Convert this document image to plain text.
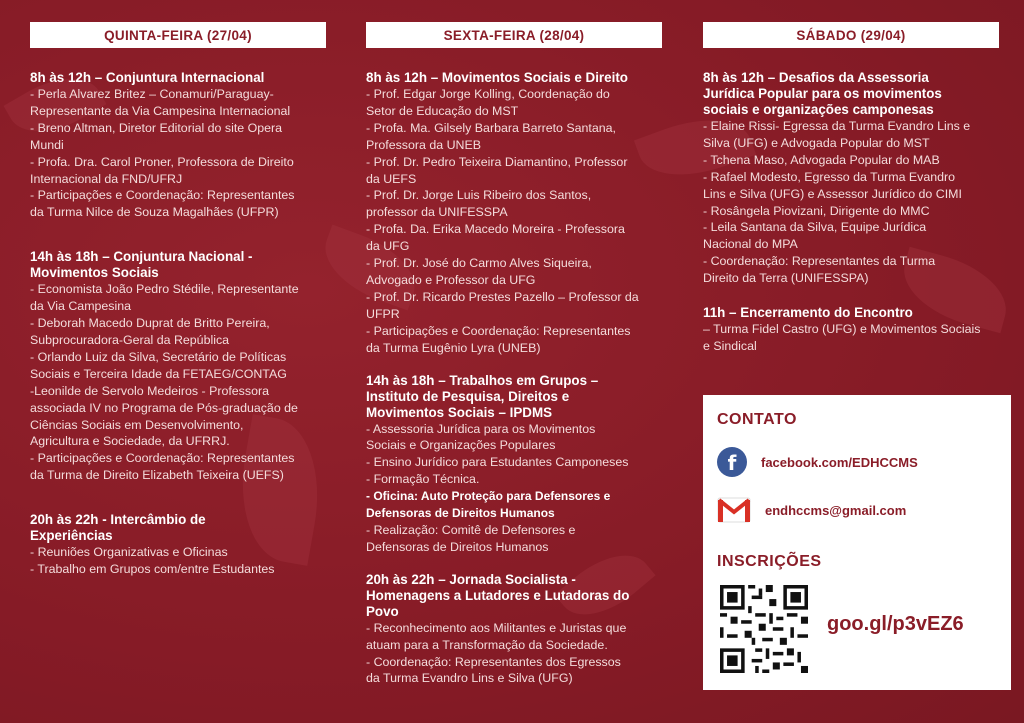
QUINTA-FEIRA (27/04)
8h às 12h – Conjuntura Internacional
- Perla Alvarez Britez – Conamuri/Paraguay-
Representante da Via Campesina Internacional
- Breno Altman, Diretor Editorial do site Opera
Mundi
- Profa. Dra. Carol Proner, Professora de Direito
Internacional da FND/UFRJ
- Participações e Coordenação: Representantes
da Turma Nilce de Souza Magalhães (UFPR)
14h às 18h – Conjuntura Nacional -
Movimentos Sociais
- Economista João Pedro Stédile, Representante
da Via Campesina
- Deborah Macedo Duprat de Britto Pereira,
Subprocuradora-Geral da República
- Orlando Luiz da Silva, Secretário de Políticas
Sociais e Terceira Idade da FETAEG/CONTAG
-Leonilde de Servolo Medeiros - Professora
associada IV no Programa de Pós-graduação de
Ciências Sociais em Desenvolvimento,
Agricultura e Sociedade, da UFRRJ.
- Participações e Coordenação: Representantes
da Turma de Direito Elizabeth Teixeira (UEFS)
20h às 22h - Intercâmbio de
Experiências
- Reuniões Organizativas e Oficinas
- Trabalho em Grupos com/entre Estudantes
SEXTA-FEIRA (28/04)
8h às 12h – Movimentos Sociais e Direito
- Prof. Edgar Jorge Kolling, Coordenação do
Setor de Educação do MST
- Profa. Ma. Gilsely Barbara Barreto Santana,
Professora da UNEB
- Prof. Dr. Pedro Teixeira Diamantino, Professor
da UEFS
- Prof. Dr. Jorge Luis Ribeiro dos Santos,
professor da UNIFESSPA
- Profa. Da. Erika Macedo Moreira - Professora
da UFG
- Prof. Dr. José do Carmo Alves Siqueira,
Advogado e Professor da UFG
- Prof. Dr. Ricardo Prestes Pazello – Professor da
UFPR
- Participações e Coordenação: Representantes
da Turma Eugênio Lyra (UNEB)
14h às 18h – Trabalhos em Grupos –
Instituto de Pesquisa, Direitos e
Movimentos Sociais – IPDMS
- Assessoria Jurídica para os Movimentos
Sociais e Organizações Populares
- Ensino Jurídico para Estudantes Camponeses
- Formação Técnica.
- Oficina: Auto Proteção para Defensores e
Defensoras de Direitos Humanos
- Realização: Comitê de Defensores e
Defensoras de Direitos Humanos
20h às 22h – Jornada Socialista -
Homenagens a Lutadores e Lutadoras do
Povo
- Reconhecimento aos Militantes e Juristas que
atuam para a Transformação da Sociedade.
- Coordenação: Representantes dos Egressos
da Turma Evandro Lins e Silva (UFG)
SÁBADO (29/04)
8h às 12h – Desafios da Assessoria
Jurídica Popular para os movimentos
sociais e organizações camponesas
- Elaine Rissi- Egressa da Turma Evandro Lins e
Silva (UFG) e Advogada Popular do MST
- Tchena Maso, Advogada Popular do MAB
- Rafael Modesto, Egresso da Turma Evandro
Lins e Silva (UFG) e Assessor Jurídico do CIMI
- Rosângela Piovizani, Dirigente do MMC
- Leila Santana da Silva, Equipe Jurídica
Nacional do MPA
- Coordenação: Representantes da Turma
Direito da Terra (UNIFESSPA)
11h – Encerramento do Encontro
– Turma Fidel Castro (UFG) e Movimentos Sociais
e Sindical
CONTATO
f	facebook.com/EDHCCMS
endhccms@gmail.com
INSCRIÇÕES
goo.gl/p3vEZ6
